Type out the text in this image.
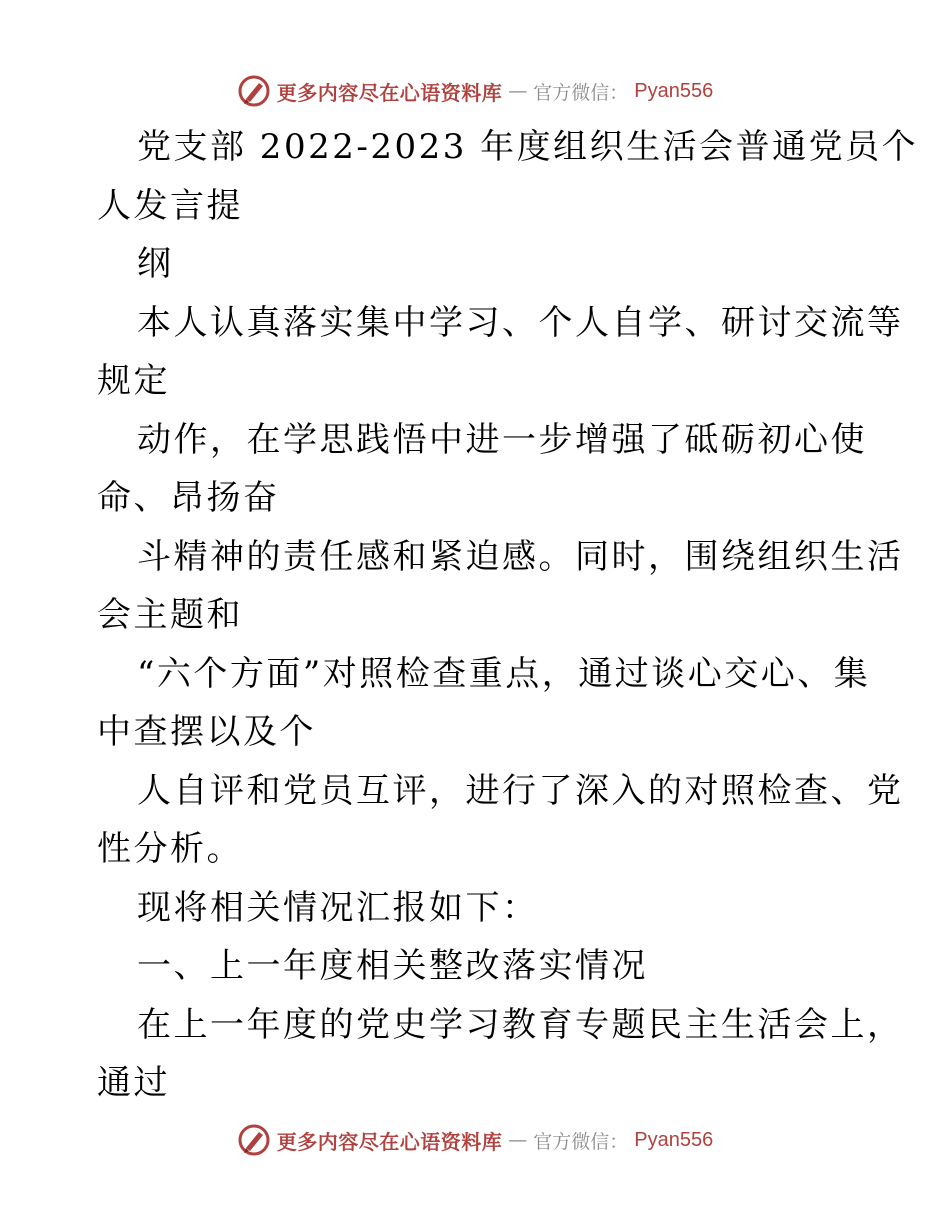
更多内容尽在心语资料库 — 官方微信： Pyan556
党支部 2022-2023 年度组织生活会普通党员个
人发言提
纲
本人认真落实集中学习、个人自学、研讨交流等
规定
动作，在学思践悟中进一步增强了砥砺初心使
命、昂扬奋
斗精神的责任感和紧迫感。同时，围绕组织生活
会主题和
“六个方面”对照检查重点，通过谈心交心、集
中查摆以及个
人自评和党员互评，进行了深入的对照检查、党
性分析。
现将相关情况汇报如下：
一、上一年度相关整改落实情况
在上一年度的党史学习教育专题民主生活会上，
通过
更多内容尽在心语资料库 — 官方微信： Pyan556
